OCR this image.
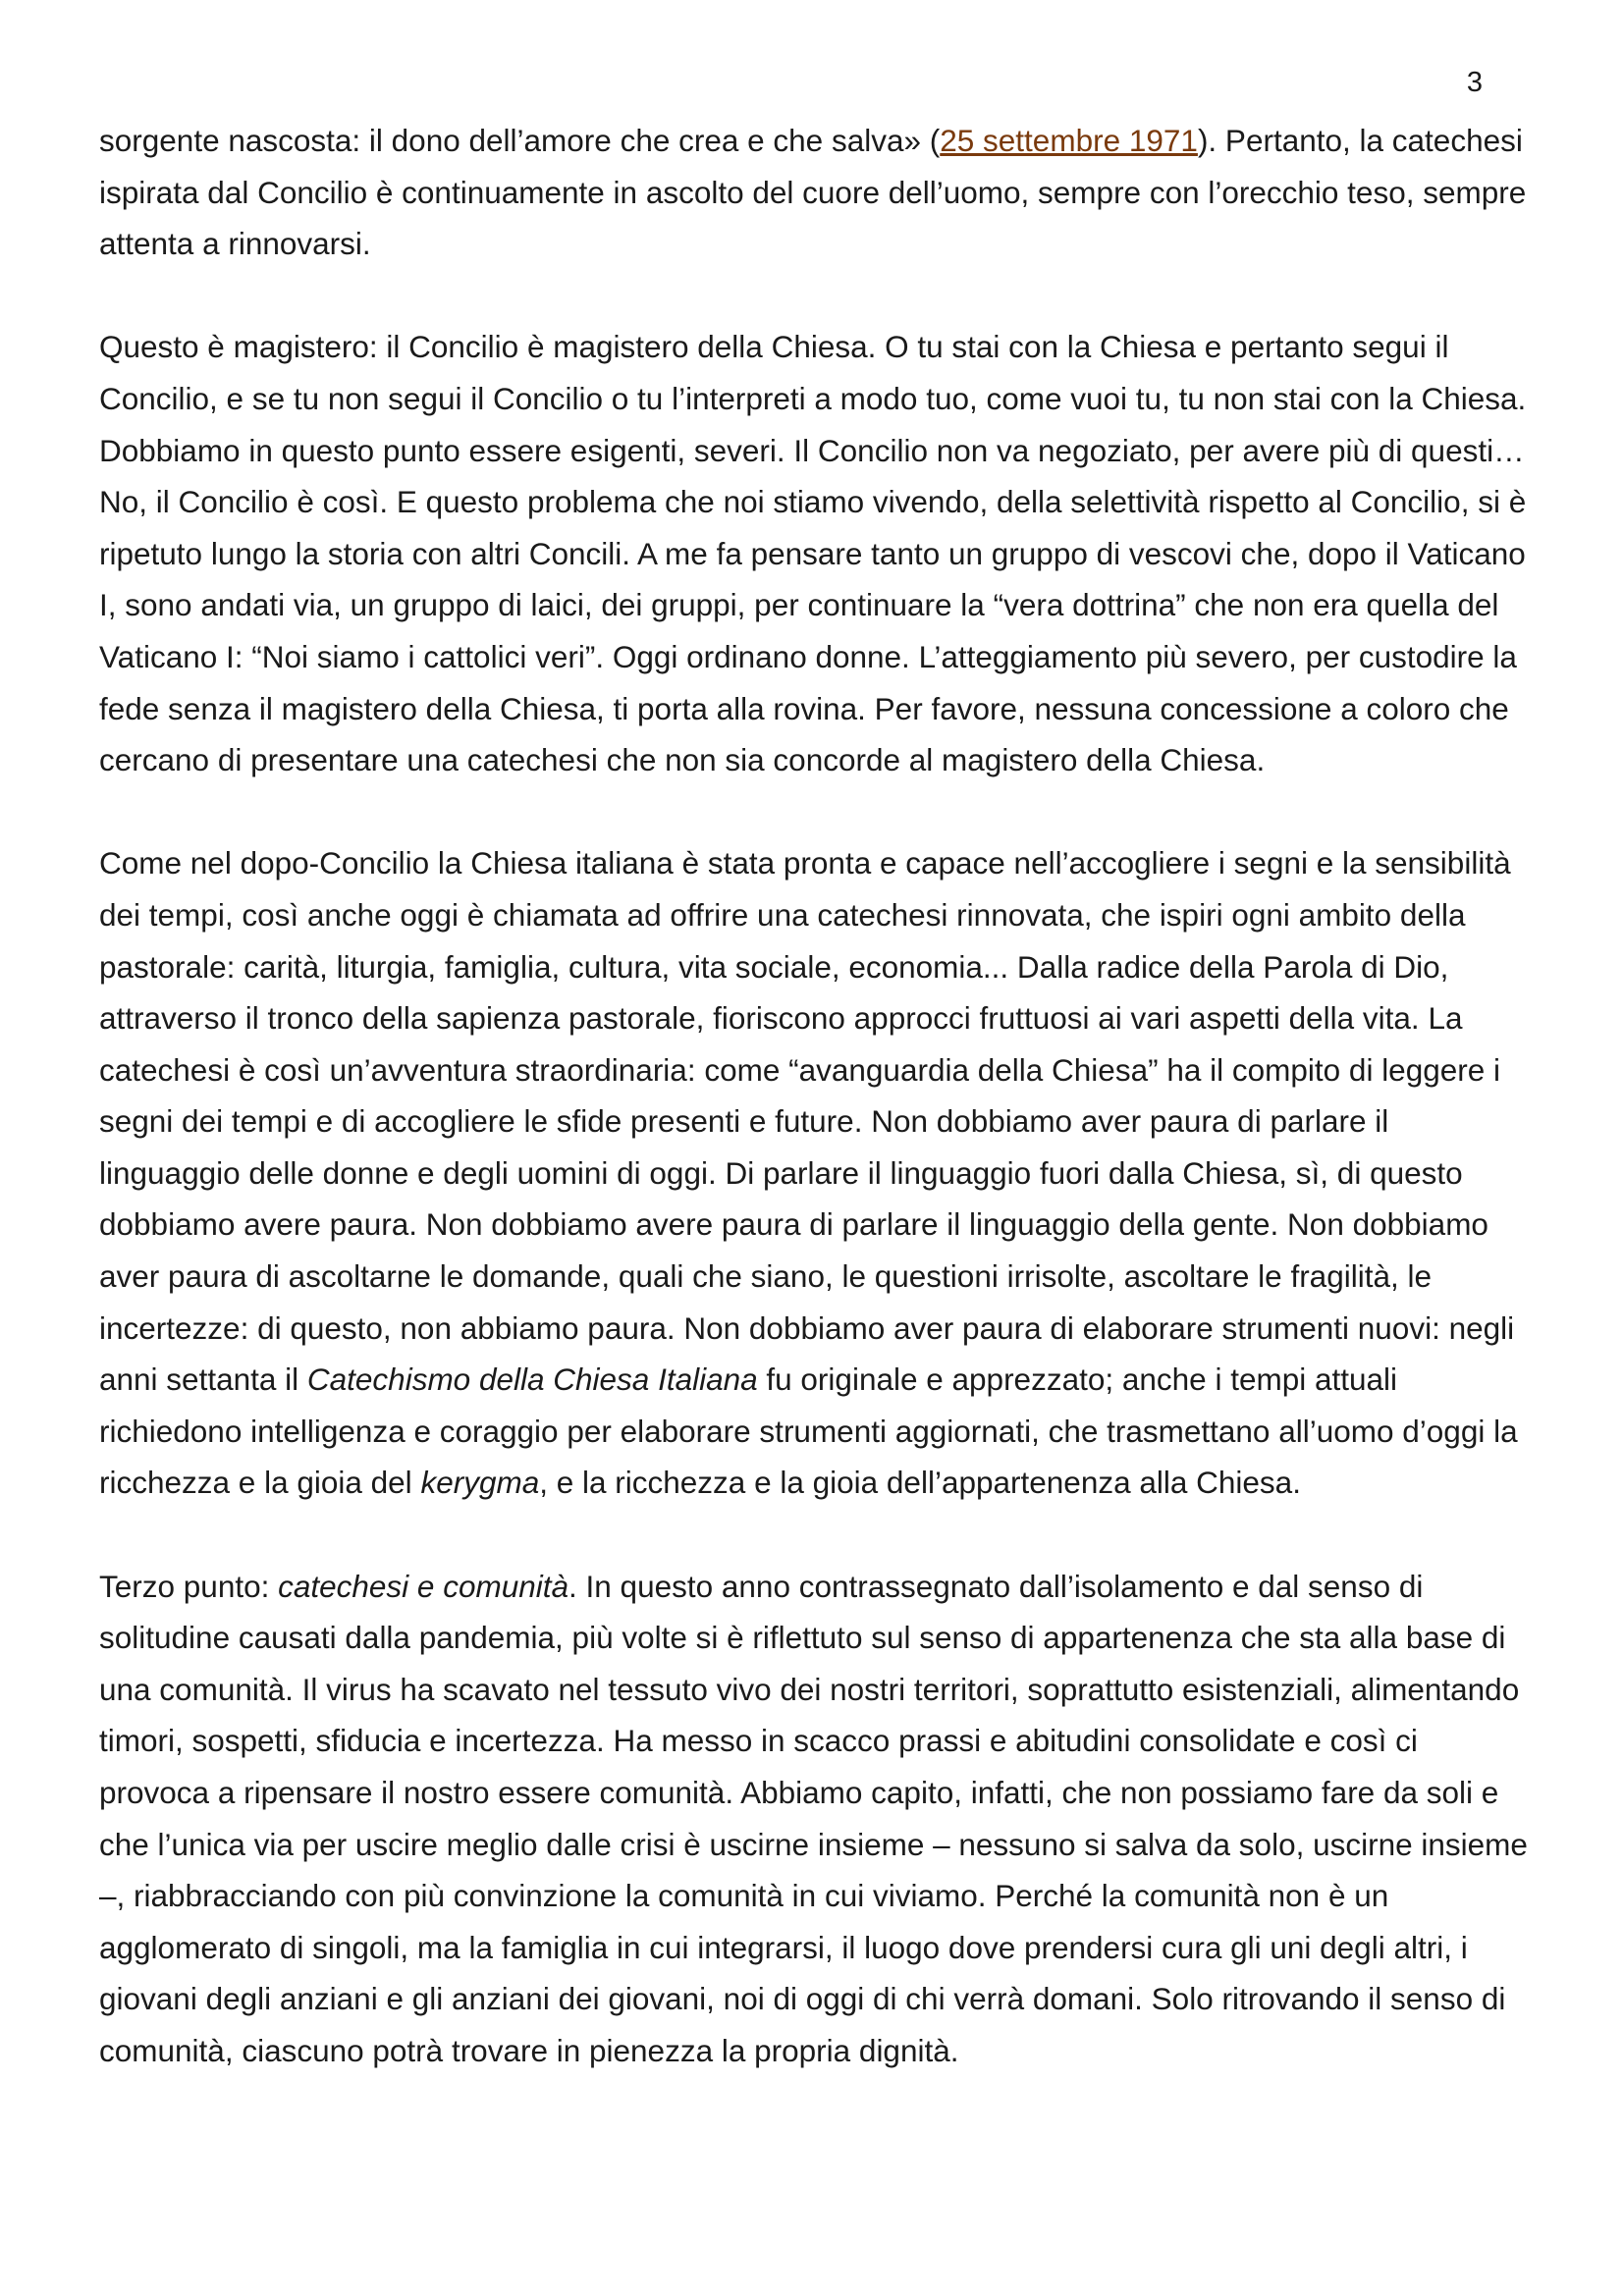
3

sorgente nascosta: il dono dell’amore che crea e che salva» (25 settembre 1971). Pertanto, la catechesi ispirata dal Concilio è continuamente in ascolto del cuore dell’uomo, sempre con l’orecchio teso, sempre attenta a rinnovarsi.

Questo è magistero: il Concilio è magistero della Chiesa. O tu stai con la Chiesa e pertanto segui il Concilio, e se tu non segui il Concilio o tu l’interpreti a modo tuo, come vuoi tu, tu non stai con la Chiesa. Dobbiamo in questo punto essere esigenti, severi. Il Concilio non va negoziato, per avere più di questi… No, il Concilio è così. E questo problema che noi stiamo vivendo, della selettività rispetto al Concilio, si è ripetuto lungo la storia con altri Concili. A me fa pensare tanto un gruppo di vescovi che, dopo il Vaticano I, sono andati via, un gruppo di laici, dei gruppi, per continuare la “vera dottrina” che non era quella del Vaticano I: “Noi siamo i cattolici veri”. Oggi ordinano donne. L’atteggiamento più severo, per custodire la fede senza il magistero della Chiesa, ti porta alla rovina. Per favore, nessuna concessione a coloro che cercano di presentare una catechesi che non sia concorde al magistero della Chiesa.

Come nel dopo-Concilio la Chiesa italiana è stata pronta e capace nell’accogliere i segni e la sensibilità dei tempi, così anche oggi è chiamata ad offrire una catechesi rinnovata, che ispiri ogni ambito della pastorale: carità, liturgia, famiglia, cultura, vita sociale, economia... Dalla radice della Parola di Dio, attraverso il tronco della sapienza pastorale, fioriscono approcci fruttuosi ai vari aspetti della vita. La catechesi è così un’avventura straordinaria: come “avanguardia della Chiesa” ha il compito di leggere i segni dei tempi e di accogliere le sfide presenti e future. Non dobbiamo aver paura di parlare il linguaggio delle donne e degli uomini di oggi. Di parlare il linguaggio fuori dalla Chiesa, sì, di questo dobbiamo avere paura. Non dobbiamo avere paura di parlare il linguaggio della gente. Non dobbiamo aver paura di ascoltarne le domande, quali che siano, le questioni irrisolte, ascoltare le fragilità, le incertezze: di questo, non abbiamo paura. Non dobbiamo aver paura di elaborare strumenti nuovi: negli anni settanta il Catechismo della Chiesa Italiana fu originale e apprezzato; anche i tempi attuali richiedono intelligenza e coraggio per elaborare strumenti aggiornati, che trasmettano all’uomo d’oggi la ricchezza e la gioia del kerygma, e la ricchezza e la gioia dell’appartenenza alla Chiesa.

Terzo punto: catechesi e comunità. In questo anno contrassegnato dall’isolamento e dal senso di solitudine causati dalla pandemia, più volte si è riflettuto sul senso di appartenenza che sta alla base di una comunità. Il virus ha scavato nel tessuto vivo dei nostri territori, soprattutto esistenziali, alimentando timori, sospetti, sfiducia e incertezza. Ha messo in scacco prassi e abitudini consolidate e così ci provoca a ripensare il nostro essere comunità. Abbiamo capito, infatti, che non possiamo fare da soli e che l’unica via per uscire meglio dalle crisi è uscirne insieme – nessuno si salva da solo, uscirne insieme –, riabbracciando con più convinzione la comunità in cui viviamo. Perché la comunità non è un agglomerato di singoli, ma la famiglia in cui integrarsi, il luogo dove prendersi cura gli uni degli altri, i giovani degli anziani e gli anziani dei giovani, noi di oggi di chi verrà domani. Solo ritrovando il senso di comunità, ciascuno potrà trovare in pienezza la propria dignità.
